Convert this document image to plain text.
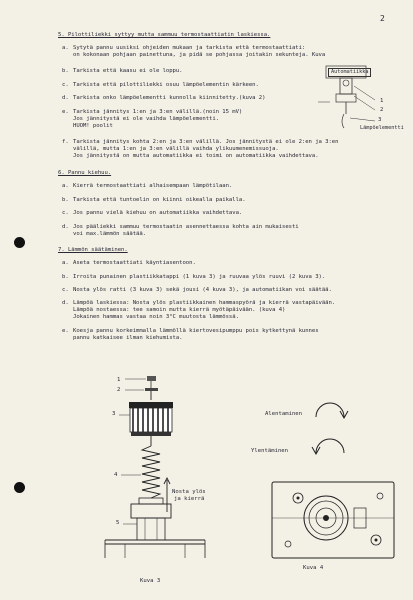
2
5. Pilottiliekki syttyy mutta sammuu termostaattiatin laskiessa.
a. Sytytä pannu uusiksi ohjeiden mukaan ja tarkista että termostaattiati:
on kokonaan pohjaan painettuna, ja pidä se pohjassa joitakin sekunteja. Kuva
b. Tarkista että kaasu ei ole loppu.
c. Tarkista että pilottiliekki osuu lämpöelementin kärkeen.
d. Tarkista onko lämpöelementti kunnolla kiinnitetty.(kuva 2)
e. Tarkista jännitys 1:en ja 3:en välillä.(noin 15 mV)
Jos jännitystä ei ole vaihda lämpöelementti.
HUOM! poolit
f. Tarkista jännitys kohta 2:en ja 3:en välillä. Jos jännitystä ei ole 2:en ja 3:en
välillä, mutta 1:en ja 3:en välillä vaihda ylikuumenemissuoja.
Jos jännitystä on mutta automatiikka ei toimi on automatiikka vaihdettava.
Automatiikka
1
2
3
Lämpöelementti
6. Pannu kiehuu.
a. Kierrä termostaattiati alhaisempaan lämpötilaan.
b. Tarkista että tuntoelin on kiinni oikealla paikalla.
c. Jos pannu vielä kiehuu on automatiikka vaihdettava.
d. Jos pääliekki sammuu termostaatin asennettaessa kohta ain mukaisesti
voi max.lämmön säätää.
7. Lämmön säätäminen.
a. Aseta termostaattiati käyntiasentoon.
b. Irroita punainen plastiikkatappi (1 kuva 3) ja ruuvaa ylös ruuvi (2 kuva 3).
c. Nosta ylös ratti (3 kuva 3) sekä jousi (4 kuva 3), ja automatiikan voi säätää.
d. Lämpöä laskiessa: Nosta ylös plastiikkainen hammaspyörä ja kierrä vastapäivään.
Lämpöä nostaessa: tee samoin mutta kierrä myötäpäivään. (kuva 4)
Jokainen hammas vastaa noin 3°C muutosta lämmössä.
e. Koesja pannu korkeimmalla lämmöllä kiertovesipumppu pois kytkettynä kunnes
pannu katkaisee ilman kiehumista.
1
2
3
4
5
Nosta ylös
ja kierrä
Kuva 3
Alentaminen
Ylentäminen
Kuva 4
